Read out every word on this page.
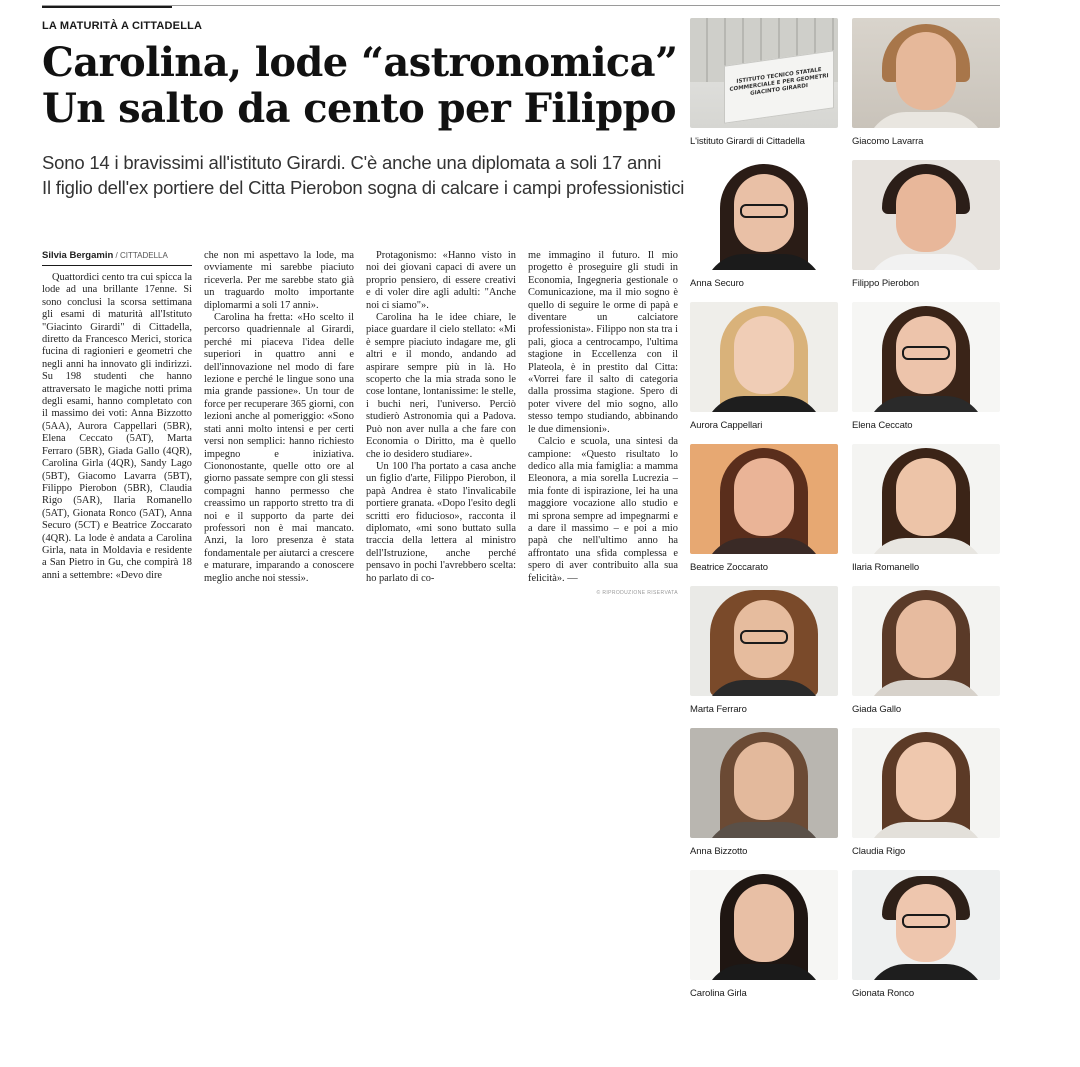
LA MATURITÀ A CITTADELLA
Carolina, lode “astronomica”
Un salto da cento per Filippo
Sono 14 i bravissimi all'istituto Girardi. C'è anche una diplomata a soli 17 anni
Il figlio dell'ex portiere del Citta Pierobon sogna di calcare i campi professionistici
Silvia Bergamin / CITTADELLA

Quattordici cento tra cui spicca la lode ad una brillante 17enne. Si sono conclusi la scorsa settimana gli esami di maturità all'Istituto "Giacinto Girardi" di Cittadella, diretto da Francesco Merici, storica fucina di ragionieri e geometri che negli anni ha innovato gli indirizzi. Su 198 studenti che hanno attraversato le magiche notti prima degli esami, hanno completato con il massimo dei voti: Anna Bizzotto (5AA), Aurora Cappellari (5BR), Elena Ceccato (5AT), Marta Ferraro (5BR), Giada Gallo (4QR), Carolina Girla (4QR), Sandy Lago (5BT), Giacomo Lavarra (5BT), Filippo Pierobon (5BR), Claudia Rigo (5AR), Ilaria Romanello (5AT), Gionata Ronco (5AT), Anna Securo (5CT) e Beatrice Zoccarato (4QR). La lode è andata a Carolina Girla, nata in Moldavia e residente a San Pietro in Gu, che compirà 18 anni a settembre: «Devo dire

che non mi aspettavo la lode, ma ovviamente mi sarebbe piaciuto riceverla. Per me sarebbe stato già un traguardo molto importante diplomarmi a soli 17 anni».

Carolina ha fretta: «Ho scelto il percorso quadriennale al Girardi, perché mi piaceva l'idea delle superiori in quattro anni e dell'innovazione nel modo di fare lezione e perché le lingue sono una mia grande passione». Un tour de force per recuperare 365 giorni, con lezioni anche al pomeriggio: «Sono stati anni molto intensi e per certi versi non semplici: hanno richiesto impegno e iniziativa. Ciononostante, quelle otto ore al giorno passate sempre con gli stessi compagni hanno permesso che creassimo un rapporto stretto tra di noi e il supporto da parte dei professori non è mai mancato. Anzi, la loro presenza è stata fondamentale per aiutarci a crescere e maturare, imparando a conoscere meglio anche noi stessi».

Protagonismo: «Hanno visto in noi dei giovani capaci di avere un proprio pensiero, di essere creativi e di voler dire agli adulti: "Anche noi ci siamo"».

Carolina ha le idee chiare, le piace guardare il cielo stellato: «Mi è sempre piaciuto indagare me, gli altri e il mondo, andando ad aspirare sempre più in là. Ho scoperto che la mia strada sono le cose lontane, lontanissime: le stelle, i buchi neri, l'universo. Perciò studierò Astronomia qui a Padova. Può non aver nulla a che fare con Economia o Diritto, ma è quello che io desidero studiare».

Un 100 l'ha portato a casa anche un figlio d'arte, Filippo Pierobon, il papà Andrea è stato l'invalicabile portiere granata. «Dopo l'esito degli scritti ero fiducioso», racconta il diplomato, «mi sono buttato sulla traccia della lettera al ministro dell'Istruzione, anche perché pensavo in pochi l'avrebbero scelta: ho parlato di co-

me immagino il futuro. Il mio progetto è proseguire gli studi in Economia, Ingegneria gestionale o Comunicazione, ma il mio sogno è quello di seguire le orme di papà e diventare un calciatore professionista». Filippo non sta tra i pali, gioca a centrocampo, l'ultima stagione in Eccellenza con il Plateola, è in prestito dal Citta: «Vorrei fare il salto di categoria dalla prossima stagione. Spero di poter vivere del mio sogno, allo stesso tempo studiando, abbinando le due dimensioni».

Calcio e scuola, una sintesi da campione: «Questo risultato lo dedico alla mia famiglia: a mamma Eleonora, a mia sorella Lucrezia – mia fonte di ispirazione, lei ha una maggiore vocazione allo studio e mi sprona sempre ad impegnarmi e a dare il massimo – e poi a mio papà che nell'ultimo anno ha affrontato una sfida complessa e spero di aver contribuito alla sua felicità». —

© RIPRODUZIONE RISERVATA
ISTITUTO TECNICO STATALE COMMERCIALE E PER GEOMETRI GIACINTO GIRARDI
L'istituto Girardi di Cittadella	Giacomo Lavarra
Anna Securo	Filippo Pierobon
Aurora Cappellari	Elena Ceccato
Beatrice Zoccarato	Ilaria Romanello
Marta Ferraro	Giada Gallo
Anna Bizzotto	Claudia Rigo
Carolina Girla	Gionata Ronco
